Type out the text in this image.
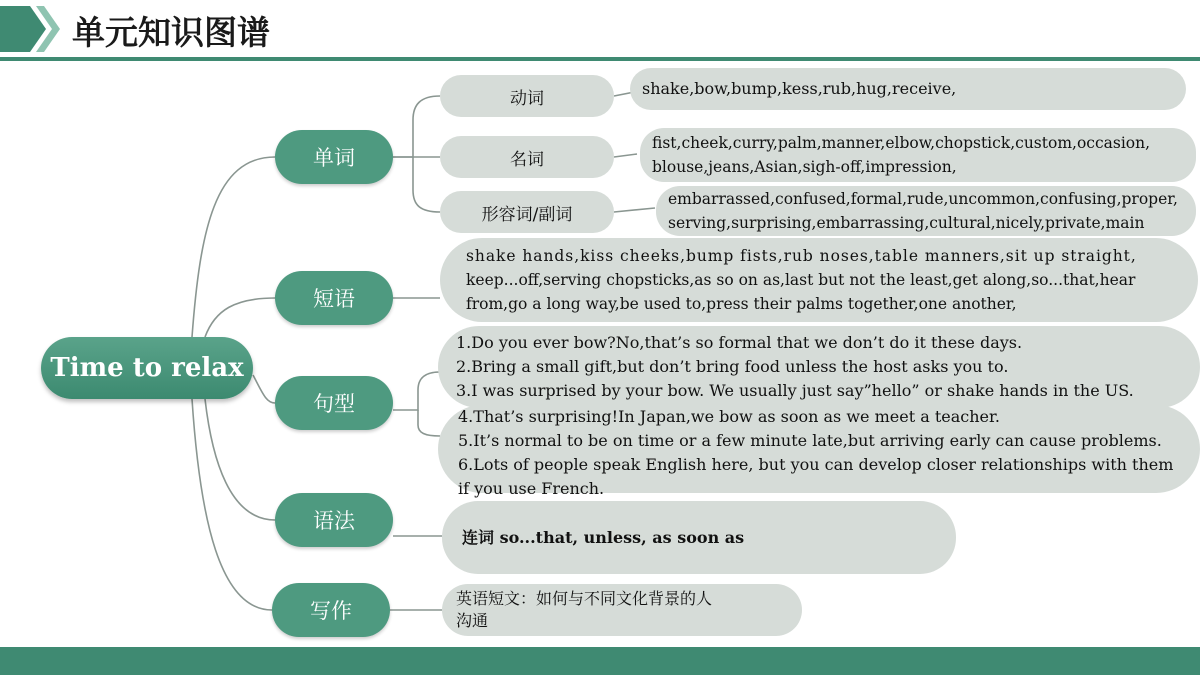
单元知识图谱
Time to relax
单词
短语
句型
语法
写作
动词
名词
形容词/副词
shake,bow,bump,kess,rub,hug,receive,
fist,cheek,curry,palm,manner,elbow,chopstick,custom,occasion,
blouse,jeans,Asian,sigh-off,impression,
embarrassed,confused,formal,rude,uncommon,confusing,proper,
serving,surprising,embarrassing,cultural,nicely,private,main
shake hands,kiss cheeks,bump fists,rub noses,table manners,sit up straight,
keep...off,serving chopsticks,as so on as,last but not the least,get along,so...that,hear
from,go a long way,be used to,press their palms together,one another,
1.Do you ever bow?No,that’s so formal that we don’t do it these days.
2.Bring a small gift,but don’t bring food unless the host asks you to.
3.I was surprised by your bow. We usually just say”hello” or shake hands in the US.
4.That’s surprising!In Japan,we bow as soon as we meet a teacher.
5.It’s normal to be on time or a few minute late,but arriving early can cause problems.
6.Lots of people speak English here, but you can develop closer relationships with them
if you use French.
连词 so...that, unless, as soon as
英语短文：如何与不同文化背景的人
沟通
